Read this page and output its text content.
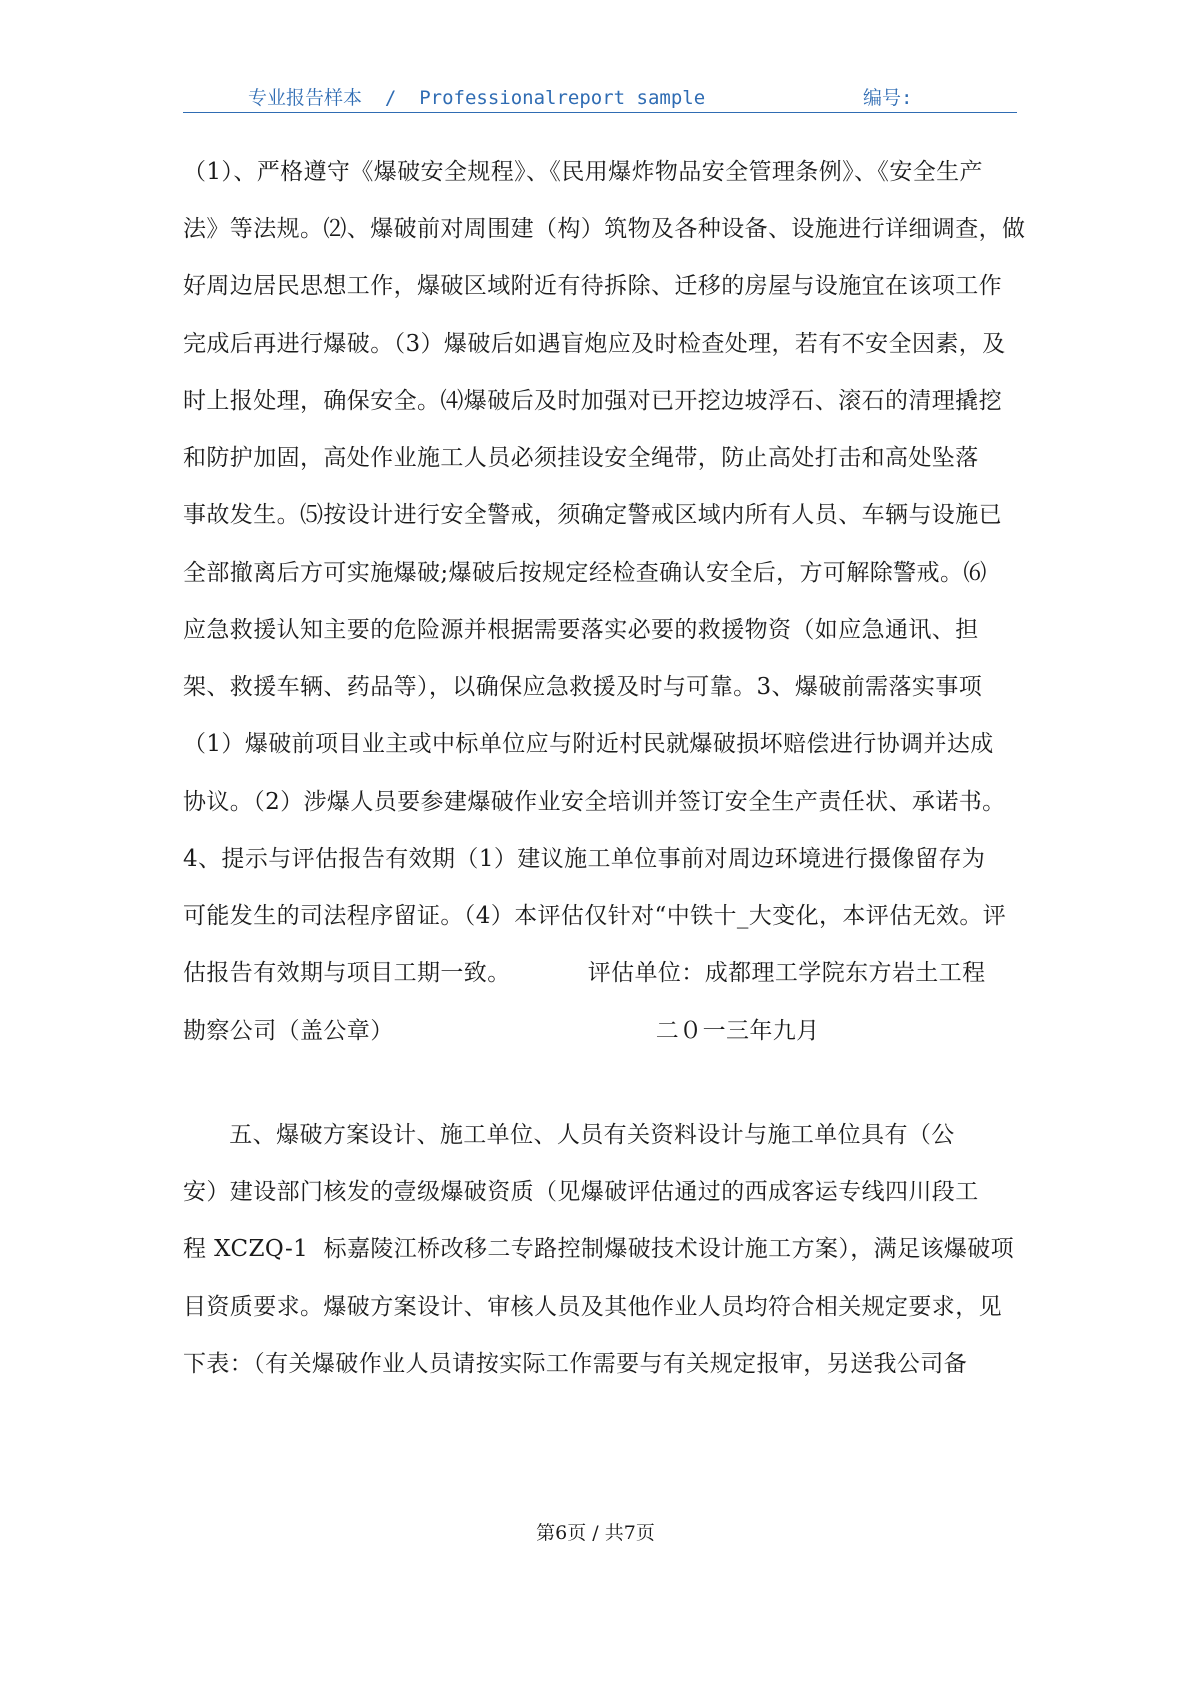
专业报告样本  /  Professionalreport sample	编号:
（1）、严格遵守《爆破安全规程》、《民用爆炸物品安全管理条例》、《安全生产
法》等法规。⑵、爆破前对周围建（构）筑物及各种设备、设施进行详细调查，做
好周边居民思想工作，爆破区域附近有待拆除、迁移的房屋与设施宜在该项工作
完成后再进行爆破。（3）爆破后如遇盲炮应及时检查处理，若有不安全因素，及
时上报处理，确保安全。⑷爆破后及时加强对已开挖边坡浮石、滚石的清理撬挖
和防护加固，高处作业施工人员必须挂设安全绳带，防止高处打击和高处坠落
事故发生。⑸按设计进行安全警戒，须确定警戒区域内所有人员、车辆与设施已
全部撤离后方可实施爆破;爆破后按规定经检查确认安全后，方可解除警戒。⑹
应急救援认知主要的危险源并根据需要落实必要的救援物资（如应急通讯、担
架、救援车辆、药品等），以确保应急救援及时与可靠。3、爆破前需落实事项
（1）爆破前项目业主或中标单位应与附近村民就爆破损坏赔偿进行协调并达成
协议。（2）涉爆人员要参建爆破作业安全培训并签订安全生产责任状、承诺书。
4、提示与评估报告有效期（1）建议施工单位事前对周边环境进行摄像留存为
可能发生的司法程序留证。（4）本评估仅针对“中铁十_大变化，本评估无效。评
估报告有效期与项目工期一致。          评估单位：成都理工学院东方岩土工程
勘察公司（盖公章）                                  二０一三年九月
五、爆破方案设计、施工单位、人员有关资料设计与施工单位具有（公
安）建设部门核发的壹级爆破资质（见爆破评估通过的西成客运专线四川段工
程 XCZQ-1  标嘉陵江桥改移二专路控制爆破技术设计施工方案），满足该爆破项
目资质要求。爆破方案设计、审核人员及其他作业人员均符合相关规定要求，见
下表：（有关爆破作业人员请按实际工作需要与有关规定报审，另送我公司备
第6页 / 共7页
